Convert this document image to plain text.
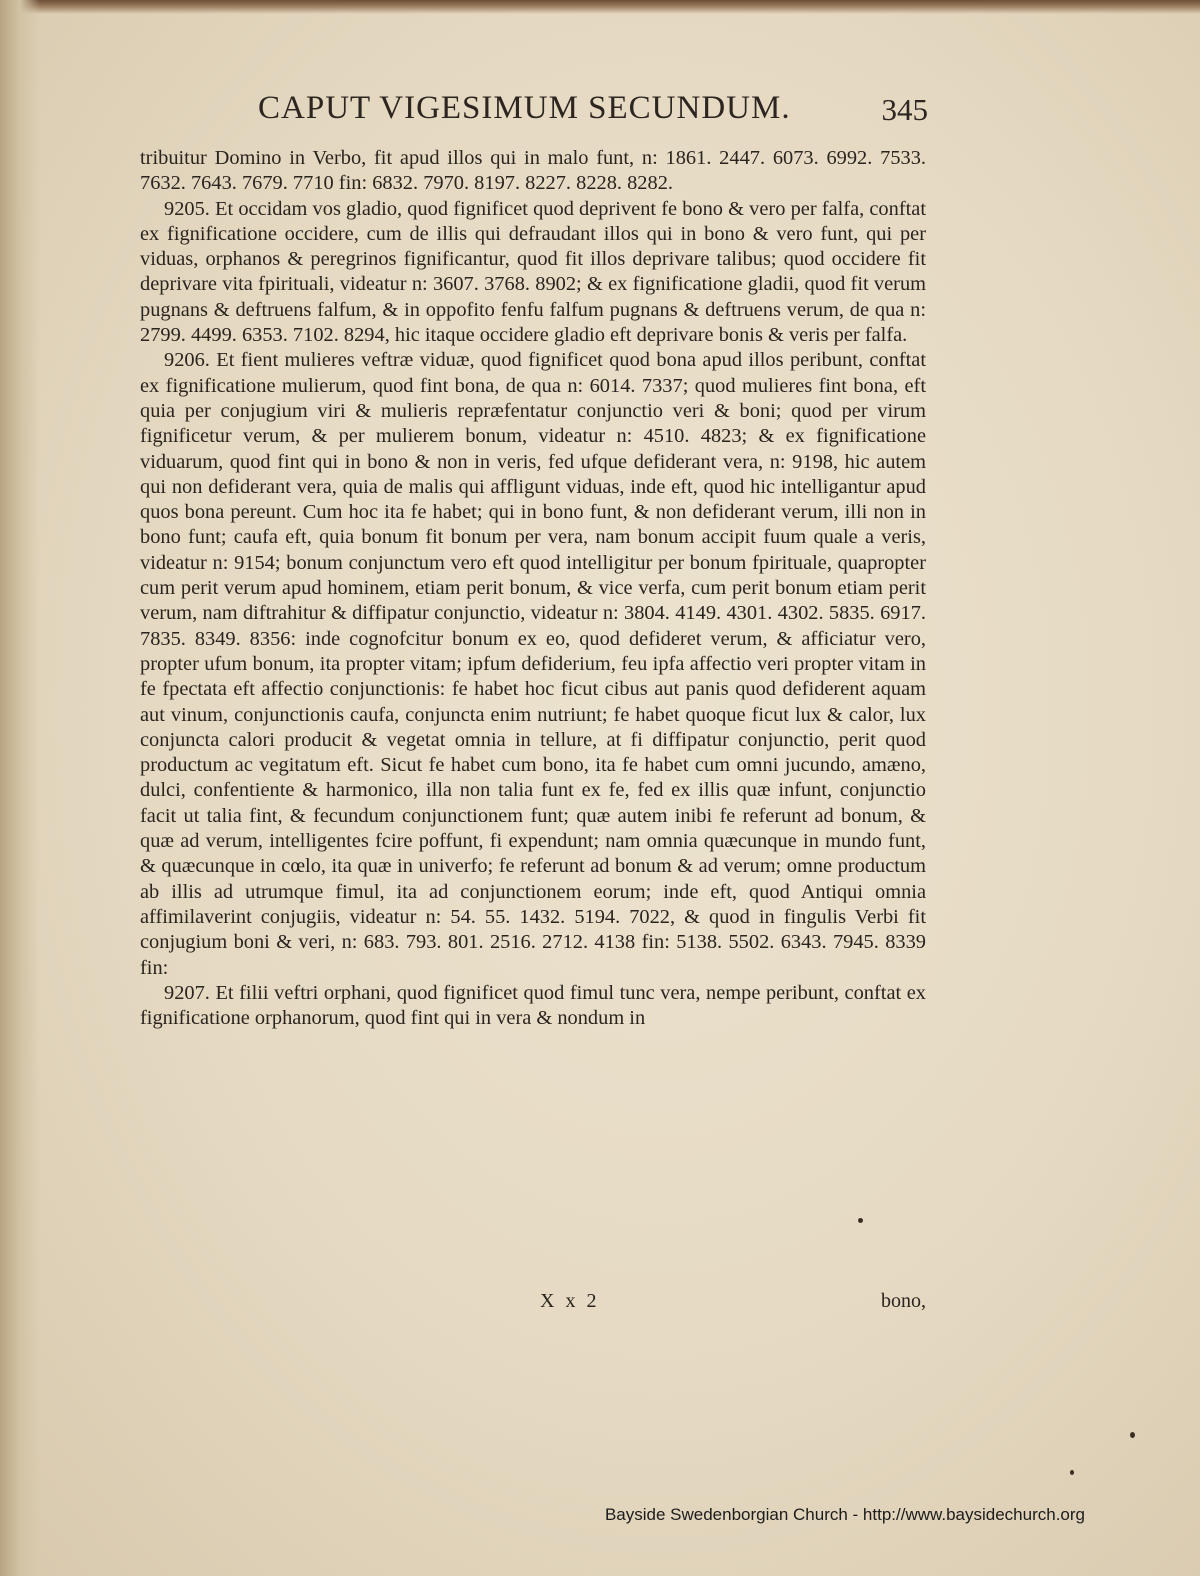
CAPUT VIGESIMUM SECUNDUM.	345

tribuitur Domino in Verbo, fit apud illos qui in malo funt, n: 1861. 2447. 6073. 6992. 7533. 7632. 7643. 7679. 7710 fin: 6832. 7970. 8197. 8227. 8228. 8282.

9205. Et occidam vos gladio, quod fignificet quod deprivent fe bono & vero per falfa, conftat ex fignificatione occidere, cum de illis qui defraudant illos qui in bono & vero funt, qui per viduas, orphanos & peregrinos fignificantur, quod fit illos deprivare talibus; quod occidere fit deprivare vita fpirituali, videatur n: 3607. 3768. 8902; & ex fignificatione gladii, quod fit verum pugnans & deftruens falfum, & in oppofito fenfu falfum pugnans & deftruens verum, de qua n: 2799. 4499. 6353. 7102. 8294, hic itaque occidere gladio eft deprivare bonis & veris per falfa.

9206. Et fient mulieres veftræ viduæ, quod fignificet quod bona apud illos peribunt, conftat ex fignificatione mulierum, quod fint bona, de qua n: 6014. 7337; quod mulieres fint bona, eft quia per conjugium viri & mulieris repræfentatur conjunctio veri & boni; quod per virum fignificetur verum, & per mulierem bonum, videatur n: 4510. 4823; & ex fignificatione viduarum, quod fint qui in bono & non in veris, fed ufque defiderant vera, n: 9198, hic autem qui non defiderant vera, quia de malis qui affligunt viduas, inde eft, quod hic intelligantur apud quos bona pereunt. Cum hoc ita fe habet; qui in bono funt, & non defiderant verum, illi non in bono funt; caufa eft, quia bonum fit bonum per vera, nam bonum accipit fuum quale a veris, videatur n: 9154; bonum conjunctum vero eft quod intelligitur per bonum fpirituale, quapropter cum perit verum apud hominem, etiam perit bonum, & vice verfa, cum perit bonum etiam perit verum, nam diftrahitur & diffipatur conjunctio, videatur n: 3804. 4149. 4301. 4302. 5835. 6917. 7835. 8349. 8356: inde cognofcitur bonum ex eo, quod defideret verum, & afficiatur vero, propter ufum bonum, ita propter vitam; ipfum defiderium, feu ipfa affectio veri propter vitam in fe fpectata eft affectio conjunctionis: fe habet hoc ficut cibus aut panis quod defiderent aquam aut vinum, conjunctionis caufa, conjuncta enim nutriunt; fe habet quoque ficut lux & calor, lux conjuncta calori producit & vegetat omnia in tellure, at fi diffipatur conjunctio, perit quod productum ac vegitatum eft. Sicut fe habet cum bono, ita fe habet cum omni jucundo, amæno, dulci, confentiente & harmonico, illa non talia funt ex fe, fed ex illis quæ infunt, conjunctio facit ut talia fint, & fecundum conjunctionem funt; quæ autem inibi fe referunt ad bonum, & quæ ad verum, intelligentes fcire poffunt, fi expendunt; nam omnia quæcunque in mundo funt, & quæcunque in cœlo, ita quæ in univerfo; fe referunt ad bonum & ad verum; omne productum ab illis ad utrumque fimul, ita ad conjunctionem eorum; inde eft, quod Antiqui omnia affimilaverint conjugiis, videatur n: 54. 55. 1432. 5194. 7022, & quod in fingulis Verbi fit conjugium boni & veri, n: 683. 793. 801. 2516. 2712. 4138 fin: 5138. 5502. 6343. 7945. 8339 fin:

9207. Et filii veftri orphani, quod fignificet quod fimul tunc vera, nempe peribunt, conftat ex fignificatione orphanorum, quod fint qui in vera & nondum in

X x 2	bono,
Bayside Swedenborgian Church - http://www.baysidechurch.org
